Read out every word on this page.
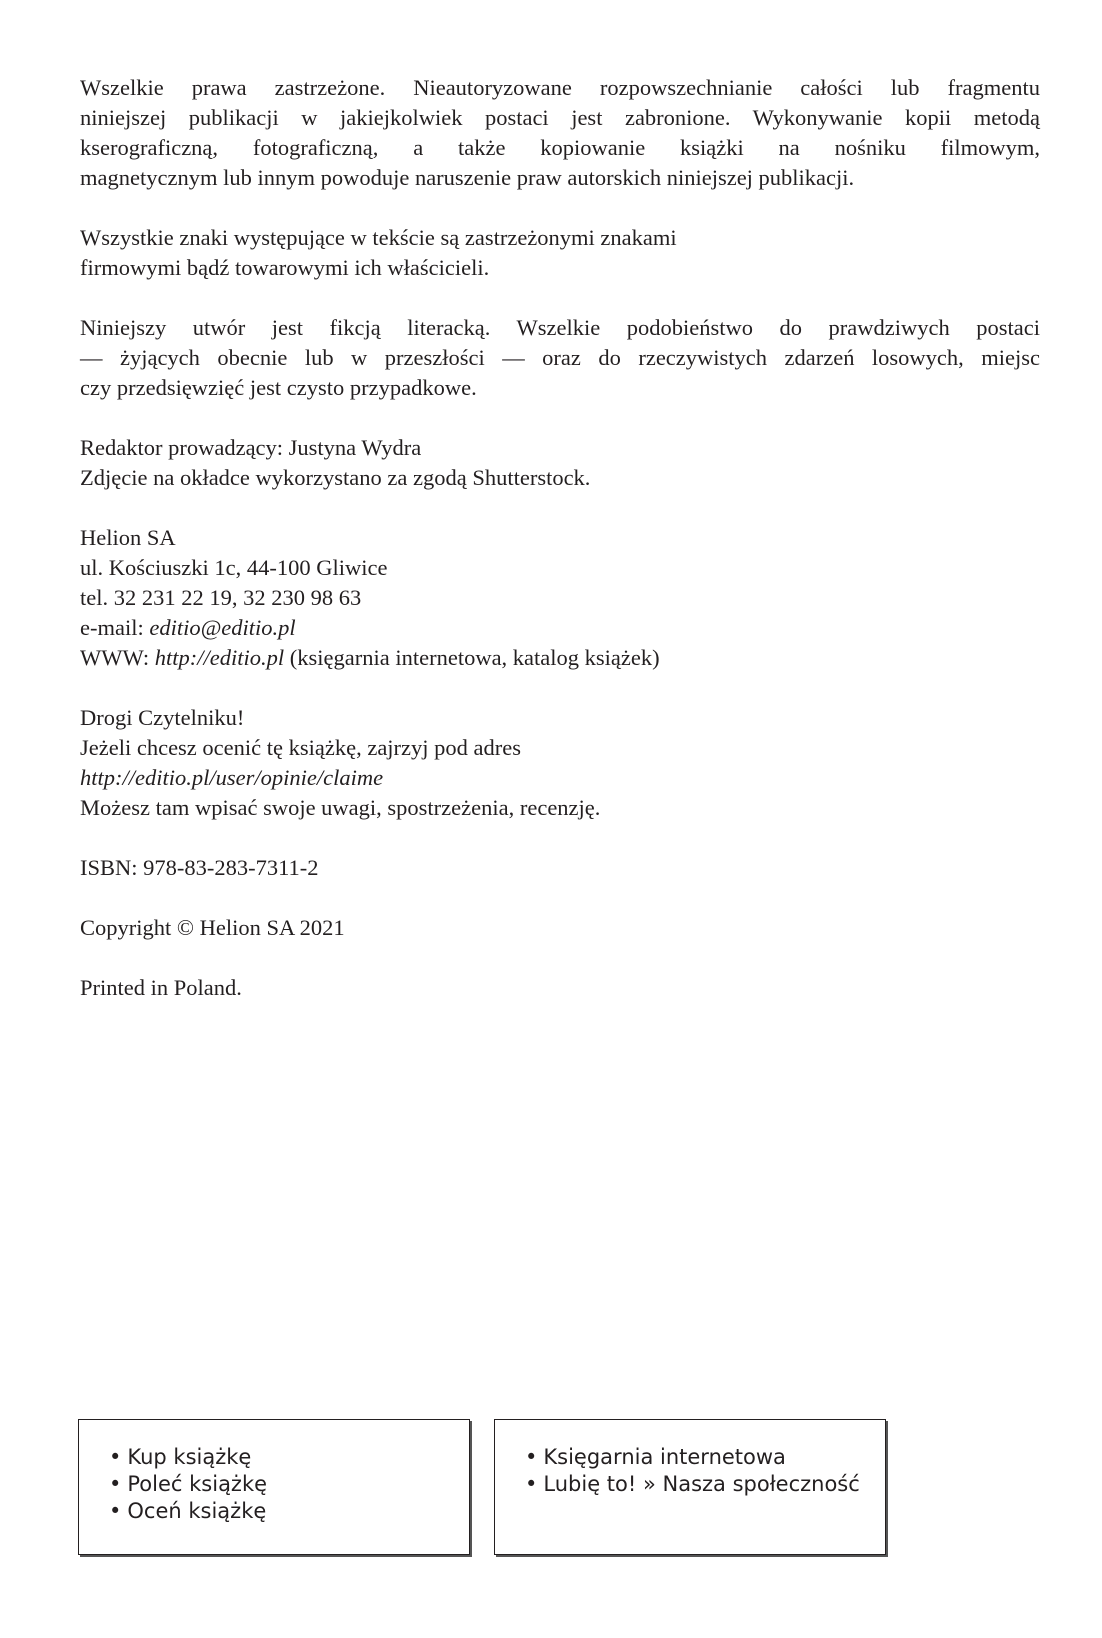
Wszelkie prawa zastrzeżone. Nieautoryzowane rozpowszechnianie całości lub fragmentu
niniejszej publikacji w jakiejkolwiek postaci jest zabronione. Wykonywanie kopii metodą
kserograficzną, fotograficzną, a także kopiowanie książki na nośniku filmowym,
magnetycznym lub innym powoduje naruszenie praw autorskich niniejszej publikacji.
Wszystkie znaki występujące w tekście są zastrzeżonymi znakami
firmowymi bądź towarowymi ich właścicieli.
Niniejszy utwór jest fikcją literacką. Wszelkie podobieństwo do prawdziwych postaci
— żyjących obecnie lub w przeszłości — oraz do rzeczywistych zdarzeń losowych, miejsc
czy przedsięwzięć jest czysto przypadkowe.
Redaktor prowadzący: Justyna Wydra
Zdjęcie na okładce wykorzystano za zgodą Shutterstock.
Helion SA
ul. Kościuszki 1c, 44-100 Gliwice
tel. 32 231 22 19, 32 230 98 63
e-mail: editio@editio.pl
WWW: http://editio.pl (księgarnia internetowa, katalog książek)
Drogi Czytelniku!
Jeżeli chcesz ocenić tę książkę, zajrzyj pod adres
http://editio.pl/user/opinie/claime
Możesz tam wpisać swoje uwagi, spostrzeżenia, recenzję.
ISBN: 978-83-283-7311-2
Copyright © Helion SA 2021
Printed in Poland.
• Kup książkę
• Poleć książkę
• Oceń książkę
• Księgarnia internetowa
• Lubię to! » Nasza społeczność
